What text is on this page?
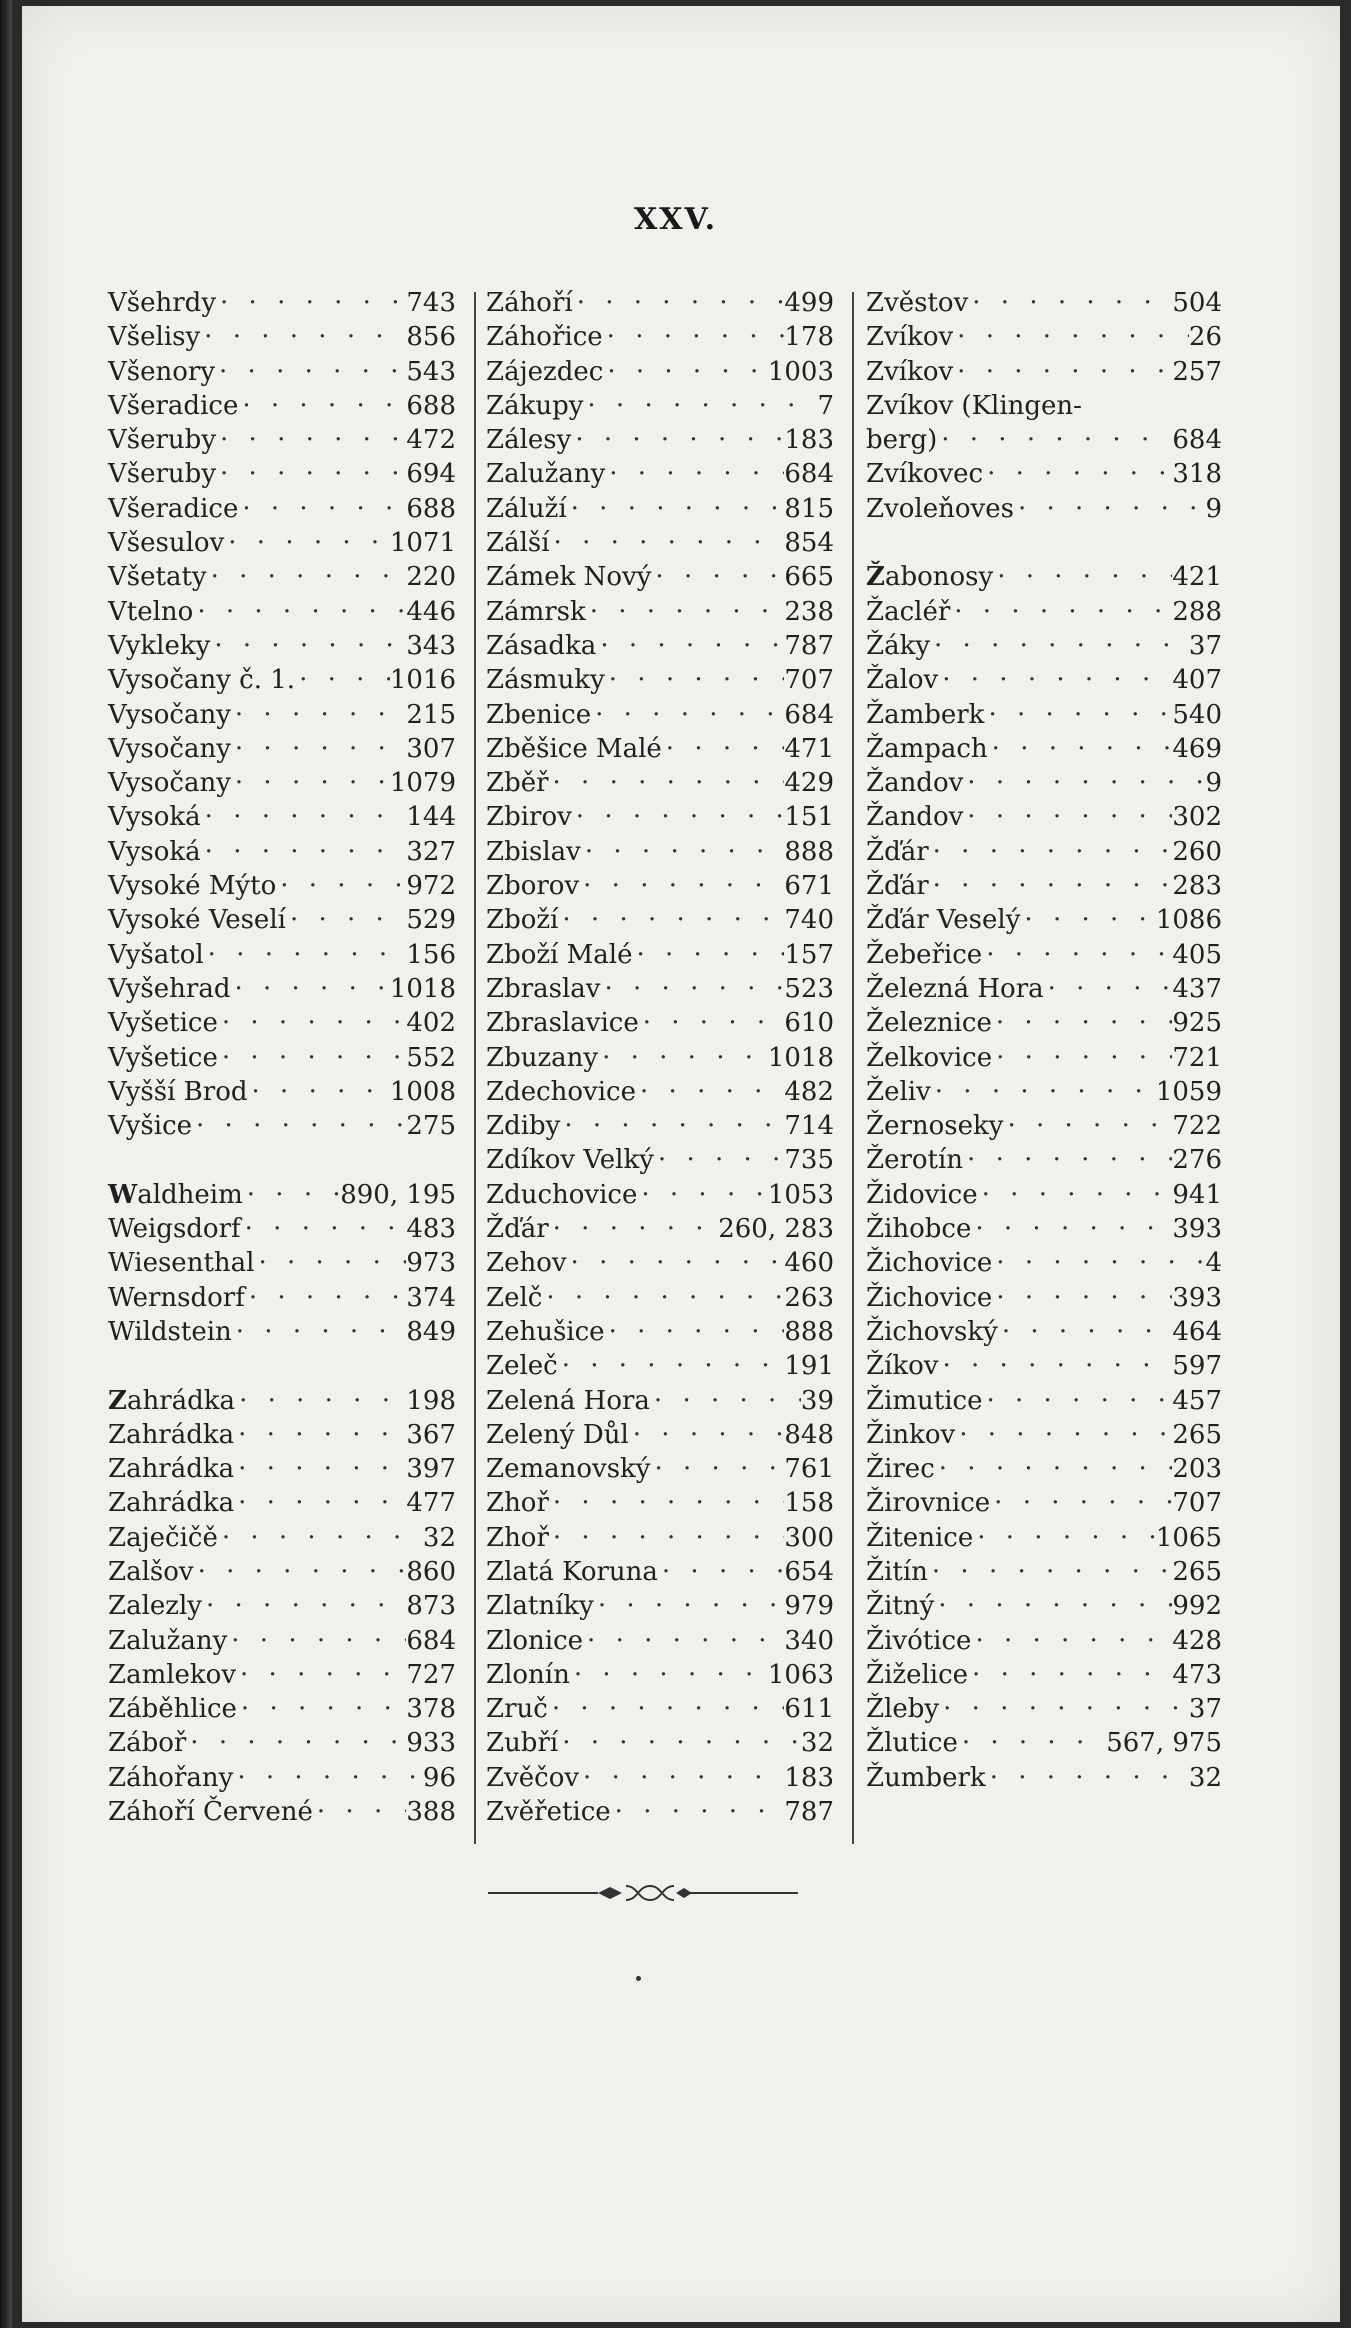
XXV.
Všehrdy · · ·	743
Všelisy · · ·	856
Všenory · · ·	543
Všeradice · · ·	688
Všeruby · · ·	472
Všeruby · · ·	694
Všeradice · · ·	688
Všesulov · · ·	1071
Všetaty · · ·	220
Vtelno · · ·	446
Vykleky · · ·	343
Vysočany č. 1. · · ·	1016
Vysočany · · ·	215
Vysočany · · ·	307
Vysočany · · ·	1079
Vysoká · · ·	144
Vysoká · · ·	327
Vysoké Mýto · · ·	972
Vysoké Veselí · · ·	529
Vyšatol · · ·	156
Vyšehrad · · ·	1018
Vyšetice · · ·	402
Vyšetice · · ·	552
Vyšší Brod · · ·	1008
Vyšice · · ·	275
Waldheim · · ·	890, 195
Weigsdorf · · ·	483
Wiesenthal · · ·	973
Wernsdorf · · ·	374
Wildstein · · ·	849
Zahrádka · · ·	198
Zahrádka · · ·	367
Zahrádka · · ·	397
Zahrádka · · ·	477
Zaječičě · · ·	32
Zalšov · · ·	860
Zalezly · · ·	873
Zalužany · · ·	684
Zamlekov · · ·	727
Záběhlice · · ·	378
Záboř · · ·	933
Záhořany · · ·	96
Záhoří Červené · · ·	388
Záhoří · · ·	499
Záhořice · · ·	178
Zájezdec · · ·	1003
Zákupy · · ·	7
Zálesy · · ·	183
Zalužany · · ·	684
Záluží · · ·	815
Zálší · · ·	854
Zámek Nový · · ·	665
Zámrsk · · ·	238
Zásadka · · ·	787
Zásmuky · · ·	707
Zbenice · · ·	684
Zběšice Malé · · ·	471
Zběř · · ·	429
Zbirov · · ·	151
Zbislav · · ·	888
Zborov · · ·	671
Zboží · · ·	740
Zboží Malé · · ·	157
Zbraslav · · ·	523
Zbraslavice · · ·	610
Zbuzany · · ·	1018
Zdechovice · · ·	482
Zdiby · · ·	714
Zdíkov Velký · · ·	735
Zduchovice · · ·	1053
Žďár · · ·	260, 283
Zehov · · ·	460
Zelč · · ·	263
Zehušice · · ·	888
Zeleč · · ·	191
Zelená Hora · · ·	39
Zelený Důl · · ·	848
Zemanovský · · ·	761
Zhoř · · ·	158
Zhoř · · ·	300
Zlatá Koruna · · ·	654
Zlatníky · · ·	979
Zlonice · · ·	340
Zlonín · · ·	1063
Zruč · · ·	611
Zubří · · ·	32
Zvěčov · · ·	183
Zvěřetice · · ·	787
Zvěstov · · ·	504
Zvíkov · · ·	26
Zvíkov · · ·	257
Zvíkov (Klingen-
berg) · · ·	684
Zvíkovec · · ·	318
Zvoleňoves · · ·	9
Žabonosy · · ·	421
Žacléř · · ·	288
Žáky · · ·	37
Žalov · · ·	407
Žamberk · · ·	540
Žampach · · ·	469
Žandov · · ·	9
Žandov · · ·	302
Žďár · · ·	260
Žďár · · ·	283
Žďár Veselý · · ·	1086
Žebeřice · · ·	405
Železná Hora · · ·	437
Železnice · · ·	925
Želkovice · · ·	721
Želiv · · ·	1059
Žernoseky · · ·	722
Žerotín · · ·	276
Židovice · · ·	941
Žihobce · · ·	393
Žichovice · · ·	4
Žichovice · · ·	393
Žichovský · · ·	464
Žíkov · · ·	597
Žimutice · · ·	457
Žinkov · · ·	265
Žirec · · ·	203
Žirovnice · · ·	707
Žitenice · · ·	1065
Žitín · · ·	265
Žitný · · ·	992
Živótice · · ·	428
Žiželice · · ·	473
Žleby · · ·	37
Žlutice · · ·	567, 975
Žumberk · · ·	32
